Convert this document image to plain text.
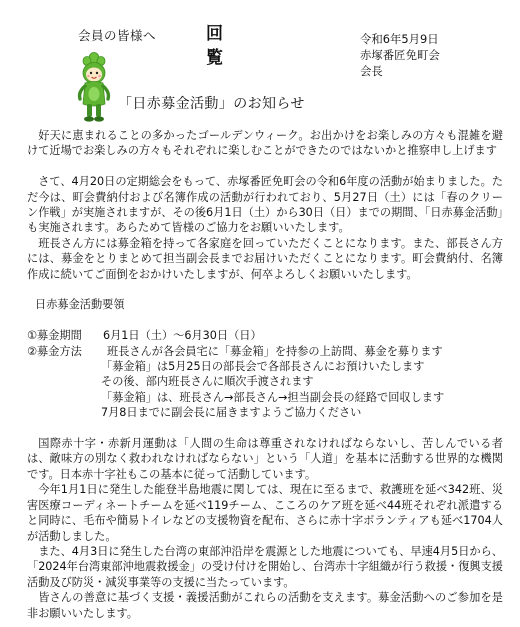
会員の皆様へ	回
覧
令和6年5月9日
赤塚番匠免町会
会長
「日赤募金活動」のお知らせ

好天に恵まれることの多かったゴールデンウィーク。お出かけをお楽しみの方々も混雑を避けて近場でお楽しみの方々もそれぞれに楽しむことができたのではないかと推察申し上げます

さて、4月20日の定期総会をもって、赤塚番匠免町会の令和6年度の活動が始まりました。ただ今は、町会費納付および名簿作成の活動が行われており、5月27日（土）には「春のクリーン作戦」が実施されますが、その後6月1日（土）から30日（日）までの期間、「日赤募金活動」も実施されます。あらためて皆様のご協力をお願いいたします。

班長さん方には募金箱を持って各家庭を回っていただくことになります。また、部長さん方には、募金をとりまとめて担当副会長までお届けいただくことになります。町会費納付、名簿作成に続いてご面倒をおかけいたしますが、何卒よろしくお願いいたします。

日赤募金活動要領

①募金期間	6月1日（土）〜6月30日（日）
②募金方法	班長さんが各会員宅に「募金箱」を持参の上訪問、募金を募ります
「募金箱」は5月25日の部長会で各部長さんにお預けいたします
その後、部内班長さんに順次手渡されます
「募金箱」は、班長さん→部長さん→担当副会長の経路で回収します
7月8日までに副会長に届きますようご協力ください

国際赤十字・赤新月運動は「人間の生命は尊重されなければならないし、苦しんでいる者は、敵味方の別なく救われなければならない」という「人道」を基本に活動する世界的な機関です。日本赤十字社もこの基本に従って活動しています。

今年1月1日に発生した能登半島地震に関しては、現在に至るまで、救護班を延べ342班、災害医療コーディネートチームを延べ119チーム、こころのケア班を延べ44班それぞれ派遣すると同時に、毛布や簡易トイレなどの支援物資を配布、さらに赤十字ボランティアも延べ1704人が活動しました。

また、4月3日に発生した台湾の東部沖沿岸を震源とした地震についても、早速4月5日から、「2024年台湾東部沖地震救援金」の受け付けを開始し、台湾赤十字組織が行う救援・復興支援活動及び防災・減災事業等の支援に当たっています。

皆さんの善意に基づく支援・義援活動がこれらの活動を支えます。募金活動へのご参加を是非お願いいたします。
